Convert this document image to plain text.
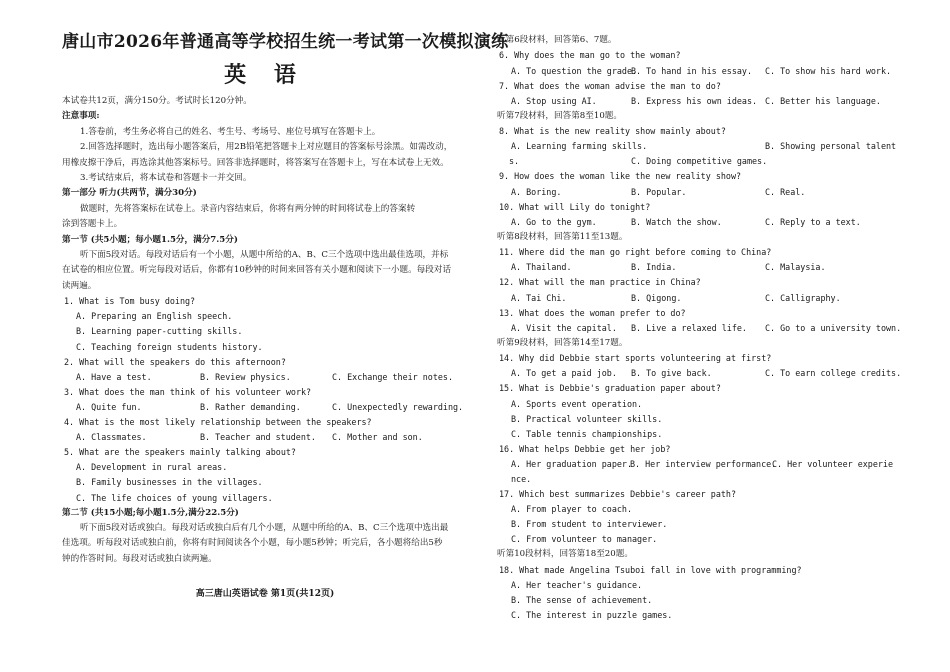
唐山市2026年普通高等学校招生统一考试第一次模拟演练
英 语
本试卷共12页，满分150分。考试时长120分钟。
注意事项:
1.答卷前，考生务必将自己的姓名、考生号、考场号、座位号填写在答题卡上。
2.回答选择题时，选出每小题答案后，用2B铅笔把答题卡上对应题目的答案标号涂黑。如需改动，
用橡皮擦干净后，再选涂其他答案标号。回答非选择题时，将答案写在答题卡上，写在本试卷上无效。
3.考试结束后，将本试卷和答题卡一并交回。
第一部分 听力(共两节，满分30分)
做题时，先将答案标在试卷上。录音内容结束后，你将有两分钟的时间将试卷上的答案转
涂到答题卡上。
第一节 (共5小题；每小题1.5分，满分7.5分)
听下面5段对话。每段对话后有一个小题，从题中所给的A、B、C三个选项中选出最佳选项，并标
在试卷的相应位置。听完每段对话后，你都有10秒钟的时间来回答有关小题和阅读下一小题。每段对话
读两遍。
1. What is Tom busy doing?
A. Preparing an English speech.
B. Learning paper-cutting skills.
C. Teaching foreign students history.
2. What will the speakers do this afternoon?
A. Have a test.	B. Review physics.	C. Exchange their notes.
3. What does the man think of his volunteer work?
A. Quite fun.	B. Rather demanding.	C. Unexpectedly rewarding.
4. What is the most likely relationship between the speakers?
A. Classmates.	B. Teacher and student. C. Mother and son.
5. What are the speakers mainly talking about?
A. Development in rural areas.
B. Family businesses in the villages.
C. The life choices of young villagers.
第二节 (共15小题;每小题1.5分,满分22.5分)
听下面5段对话或独白。每段对话或独白后有几个小题，从题中所给的A、B、C三个选项中选出最
佳选项。听每段对话或独白前，你将有时间阅读各个小题，每小题5秒钟；听完后，各小题将给出5秒
钟的作答时间。每段对话或独白读两遍。
高三唐山英语试卷 第1页(共12页)
听第6段材料，回答第6、7题。
6. Why does the man go to the woman?
A. To question the grade.
B. To hand in his essay. C. To show his hard work.
7. What does the woman advise the man to do?
A. Stop using AI.	B. Express his own ideas. C. Better his language.
听第7段材料，回答第8至10题。
8. What is the new reality show mainly about?
A. Learning farming skills.	B. Showing personal talent
s.	C. Doing competitive games.
9. How does the woman like the new reality show?
A. Boring.	B. Popular.	C. Real.
10. What will Lily do tonight?
A. Go to the gym.	B. Watch the show.	C. Reply to a text.
听第8段材料，回答第11至13题。
11. Where did the man go right before coming to China?
A. Thailand.	B. India.	C. Malaysia.
12. What will the man practice in China?
A. Tai Chi.	B. Qigong.	C. Calligraphy.
13. What does the woman prefer to do?
A. Visit the capital. B. Live a relaxed life. C. Go to a university town.
听第9段材料，回答第14至17题。
14. Why did Debbie start sports volunteering at first?
A. To get a paid job. B. To give back.	C. To earn college credits.
15. What is Debbie's graduation paper about?
A. Sports event operation.
B. Practical volunteer skills.
C. Table tennis championships.
16. What helps Debbie get her job?
A. Her graduation paper.
B. Her interview performance.
C. Her volunteer experie
nce.
17. Which best summarizes Debbie's career path?
A. From player to coach.
B. From student to interviewer.
C. From volunteer to manager.
听第10段材料，回答第18至20题。
18. What made Angelina Tsuboi fall in love with programming?
A. Her teacher's guidance.
B. The sense of achievement.
C. The interest in puzzle games.
